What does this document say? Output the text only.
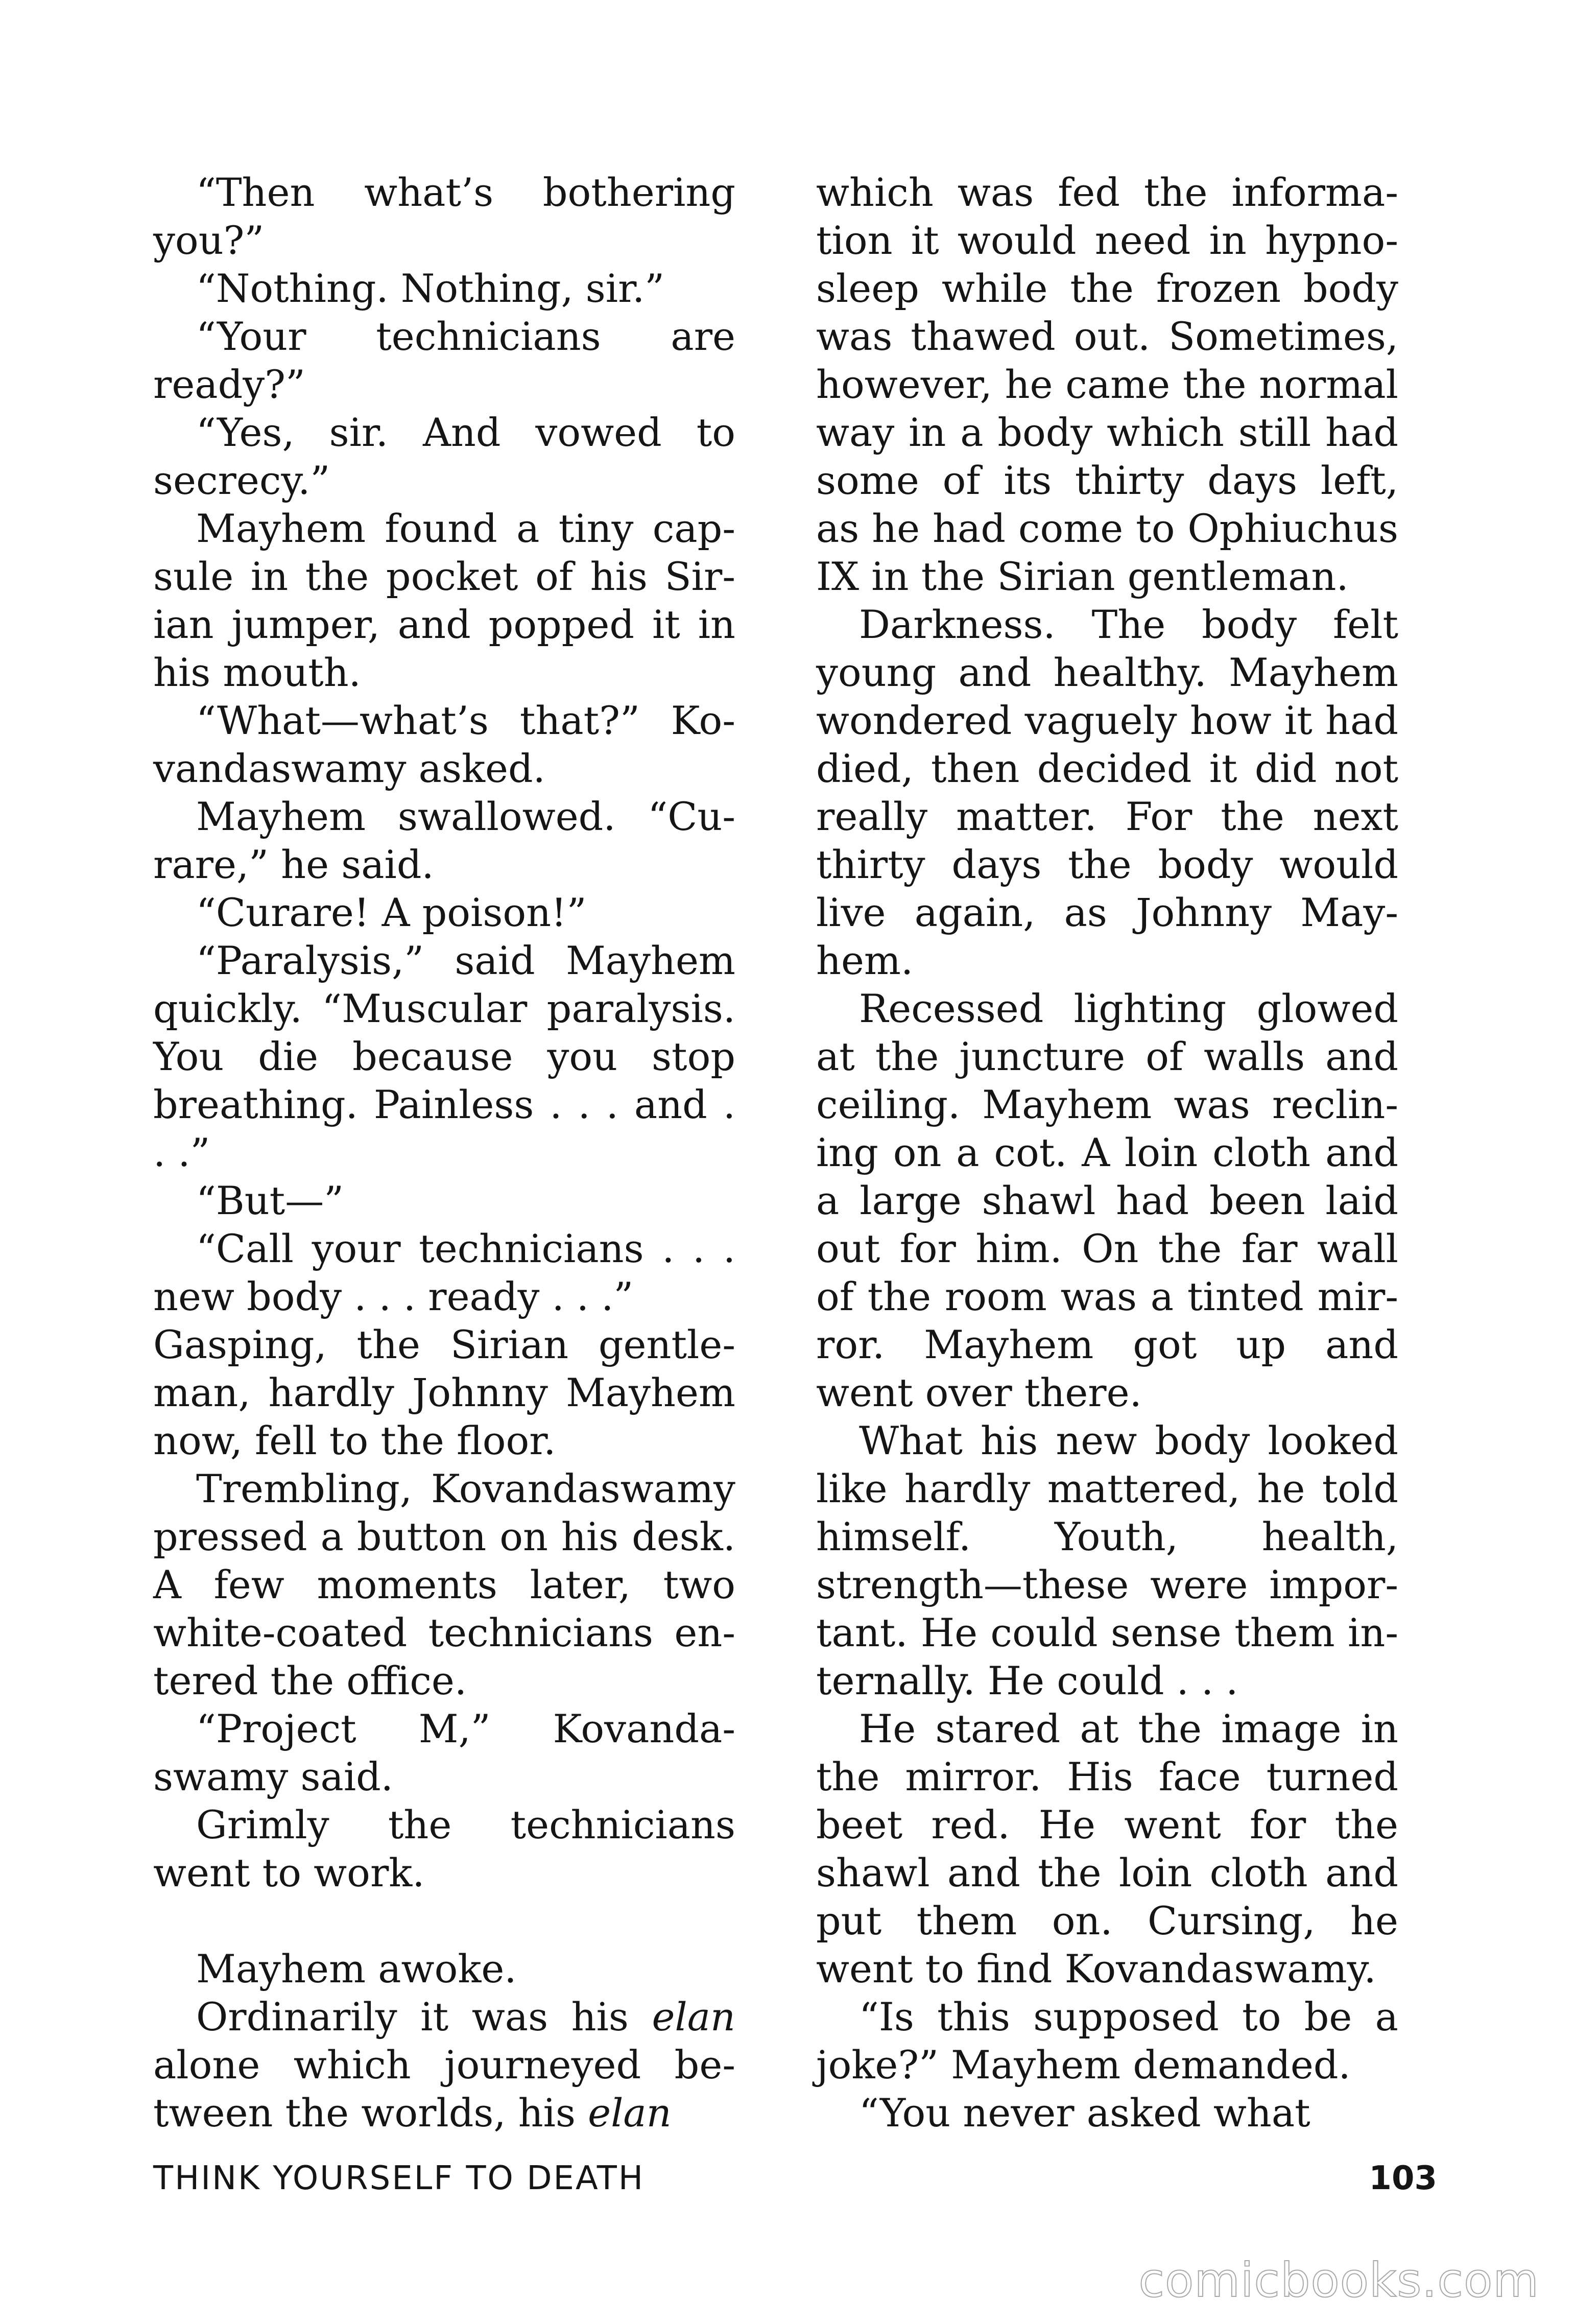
“Then what’s bothering you?”

“Nothing. Nothing, sir.”

“Your technicians are ready?”

“Yes, sir. And vowed to secrecy.”

Mayhem found a tiny capsule in the pocket of his Sirian jumper, and popped it in his mouth.

“What—what’s that?” Kovandaswamy asked.

Mayhem swallowed. “Curare,” he said.

“Curare! A poison!”

“Paralysis,” said Mayhem quickly. “Muscular paralysis. You die because you stop breathing. Painless . . . and . . .”

“But—”

“Call your technicians . . . new body . . . ready . . .”

Gasping, the Sirian gentleman, hardly Johnny Mayhem now, fell to the floor.

Trembling, Kovandaswamy pressed a button on his desk. A few moments later, two white-coated technicians entered the office.

“Project M,” Kovandaswamy said.

Grimly the technicians went to work.

Mayhem awoke.

Ordinarily it was his elan alone which journeyed between the worlds, his elan

which was fed the information it would need in hypnosleep while the frozen body was thawed out. Sometimes, however, he came the normal way in a body which still had some of its thirty days left, as he had come to Ophiuchus IX in the Sirian gentleman.

Darkness. The body felt young and healthy. Mayhem wondered vaguely how it had died, then decided it did not really matter. For the next thirty days the body would live again, as Johnny Mayhem.

Recessed lighting glowed at the juncture of walls and ceiling. Mayhem was reclining on a cot. A loin cloth and a large shawl had been laid out for him. On the far wall of the room was a tinted mirror. Mayhem got up and went over there.

What his new body looked like hardly mattered, he told himself. Youth, health, strength—these were important. He could sense them internally. He could . . .

He stared at the image in the mirror. His face turned beet red. He went for the shawl and the loin cloth and put them on. Cursing, he went to find Kovandaswamy.

“Is this supposed to be a joke?” Mayhem demanded.

“You never asked what

THINK YOURSELF TO DEATH	103
comicbooks.com
